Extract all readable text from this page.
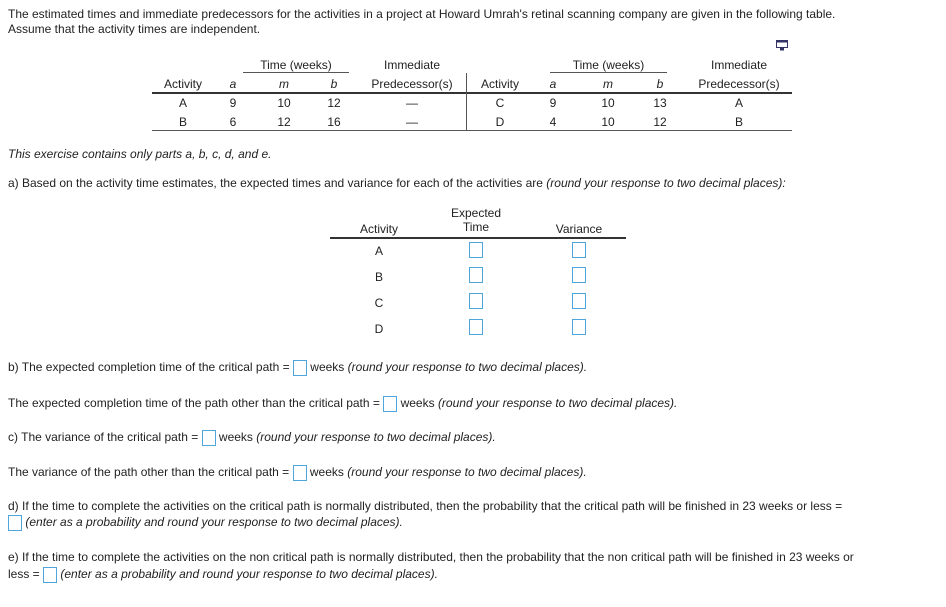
The estimated times and immediate predecessors for the activities in a project at Howard Umrah's retinal scanning company are given in the following table.
Assume that the activity times are independent.
Time (weeks)	Immediate
Activity	a	m	b	Predecessor(s)
Time (weeks)	Immediate
Activity	a	m	b	Predecessor(s)
A	9	10	12	—
B	6	12	16	—
C	9	10	13	A
D	4	10	12	B
This exercise contains only parts a, b, c, d, and e.
a) Based on the activity time estimates, the expected times and variance for each of the activities are (round your response to two decimal places):
Expected
Time
Activity	Variance
A
B
C
D
b) The expected completion time of the critical path = weeks (round your response to two decimal places).
The expected completion time of the path other than the critical path = weeks (round your response to two decimal places).
c) The variance of the critical path = weeks (round your response to two decimal places).
The variance of the path other than the critical path = weeks (round your response to two decimal places).
d) If the time to complete the activities on the critical path is normally distributed, then the probability that the critical path will be finished in 23 weeks or less =
(enter as a probability and round your response to two decimal places).
e) If the time to complete the activities on the non critical path is normally distributed, then the probability that the non critical path will be finished in 23 weeks or
less = (enter as a probability and round your response to two decimal places).
